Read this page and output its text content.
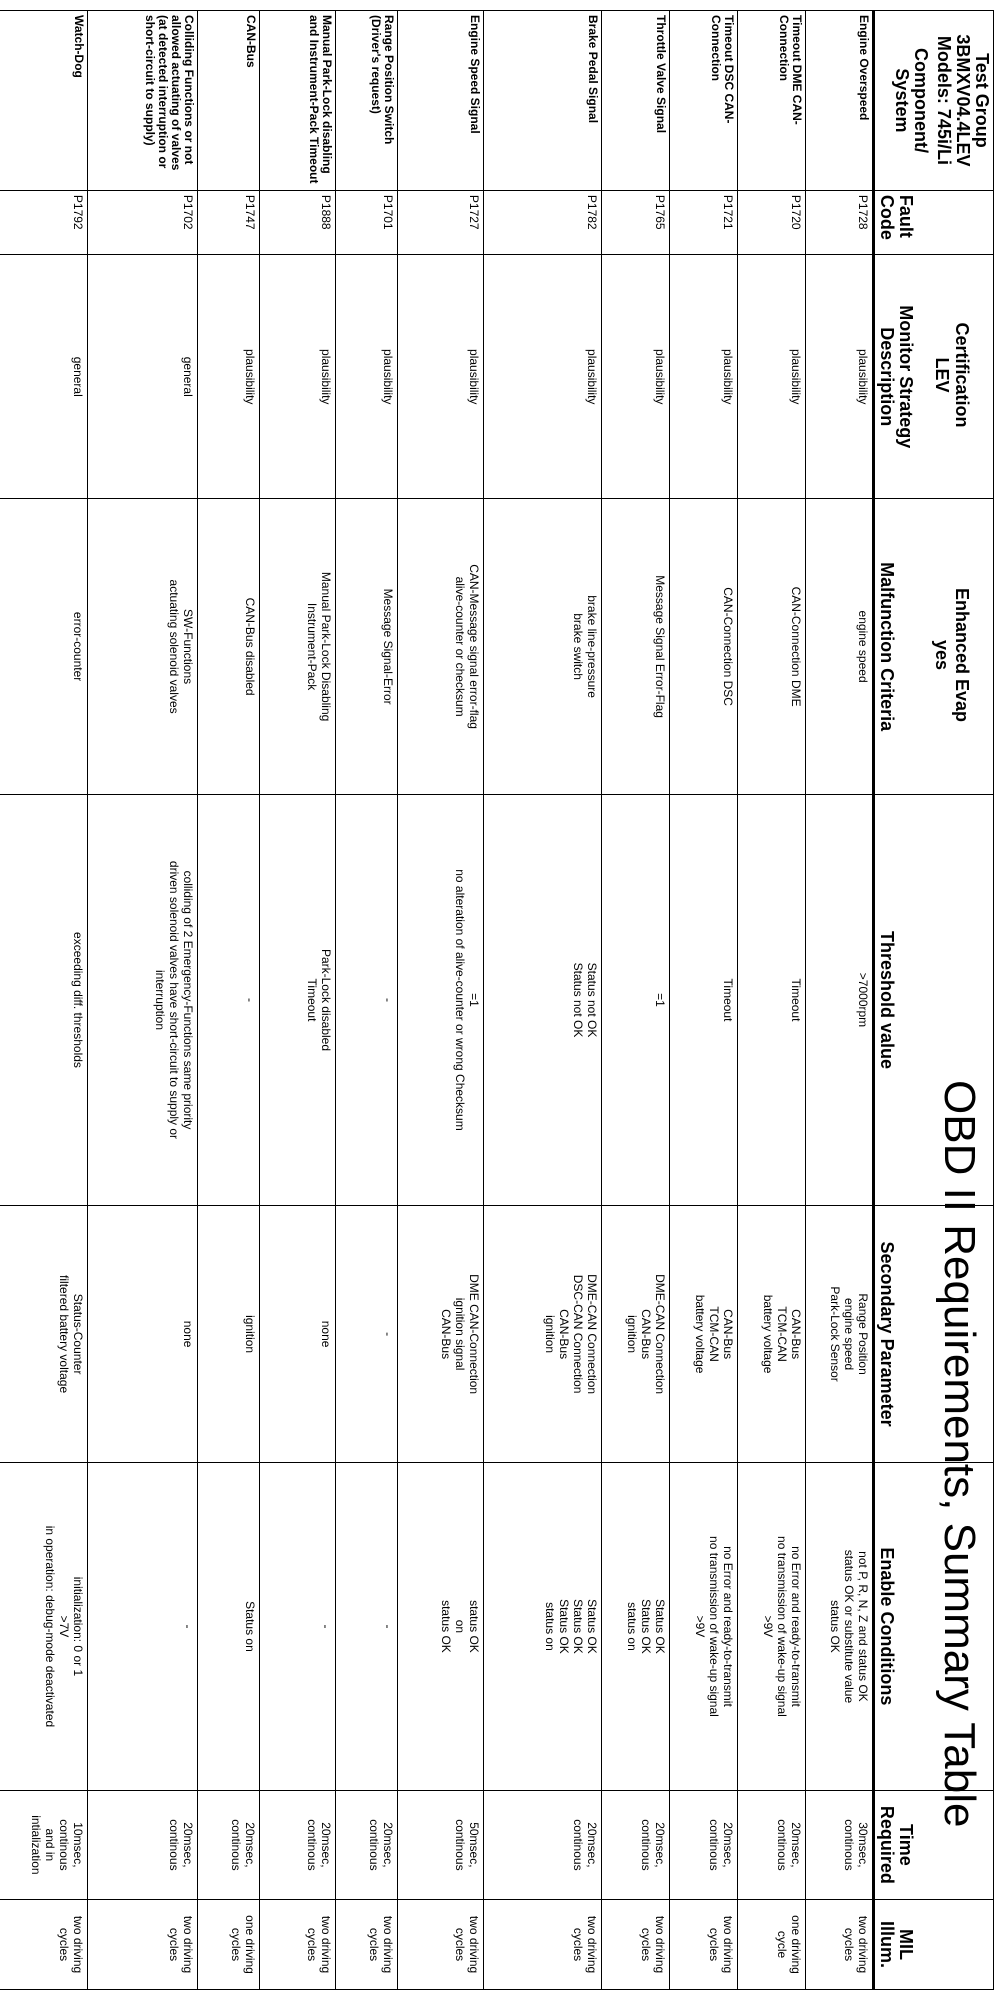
OBD II Requirements, Summary Table
Certification
LEV
Enhanced Evap
yes
Test Group
3BMXV04.4LEV
Models: 745i/Li
Component/ System	Fault Code	Monitor Strategy Description	Malfunction Criteria	Threshold value	Secondary Parameter	Enable Conditions	Time Required	MIL Illum.
Engine Overspeed	P1728	plausibility	engine speed	>7000rpm	Range Position
engine speed
Park-Lock Sensor	not P, R, N, Z and status OK
status OK or substitute value
status OK	30msec,
continous	two driving
cycles
Timeout DME CAN-Connection	P1720	plausibility	CAN-Connection DME	Timeout	CAN-Bus
TCM-CAN
battery voltage	no Error and ready-to-transmit
no transmission of wake-up signal
>9V	20msec,
continous	one driving
cycle
Timeout DSC CAN-Connection	P1721	plausibility	CAN-Connection DSC	Timeout	CAN-Bus
TCM-CAN
battery voltage	no Error and ready-to-transmit
no transmission of wake-up signal
>9V	20msec,
continous	two driving
cycles
Throttle Valve Signal	P1765	plausibility	Message Signal Error-Flag	=1	DME-CAN Connection
CAN-Bus
ignition	Status OK
Status OK
status on	20msec,
continous	two driving
cycles
Brake Pedal Signal	P1782	plausibility	brake line-pressure
brake switch	Status not OK
Status not OK	DME-CAN Connection
DSC-CAN Connection
CAN-Bus
ignition	Status OK
Status OK
Status OK
status on	20msec,
continous	two driving
cycles
Engine Speed Signal	P1727	plausibility	CAN-Message signal error-flag
alive-counter or checksum	=1
no alteration of alive-counter or wrong Checksum	DME CAN-Connection
ignition signal
CAN-Bus	status OK
on
status OK	50msec,
continous	two driving
cycles
Range Position Switch (Driver's request)	P1701	plausibility	Message Signal-Error	-	-	-	20msec,
continous	two driving
cycles
Manual Park-Lock disabling and Instrument-Pack Timeout	P1888	plausibility	Manual Park-Lock Disabling
Instrument-Pack	Park-Lock disabled
Timeout	none	-	20msec,
continous	two driving
cycles
CAN-Bus	P1747	plausibility	CAN-Bus disabled	-	ignition	Status on	20msec,
continous	one driving
cycles
Colliding Functions or not allowed actuating of valves (at detected interruption or short-circuit to supply)	P1702	general	SW-Functions
actuating solenoid valves	colliding of 2 Emergency-Functions same priority
driven solenoid valves have short-circuit to supply or
interruption	none	-	20msec,
continous	two driving
cycles
Watch-Dog	P1792	general	error-counter	exceeding diff. thresholds	Status-Counter
filtered battery voltage	initialization: 0 or 1
>7V
in operation: debug-mode deactivated	10msec,
continous
and in
intialization	two driving
cycles
